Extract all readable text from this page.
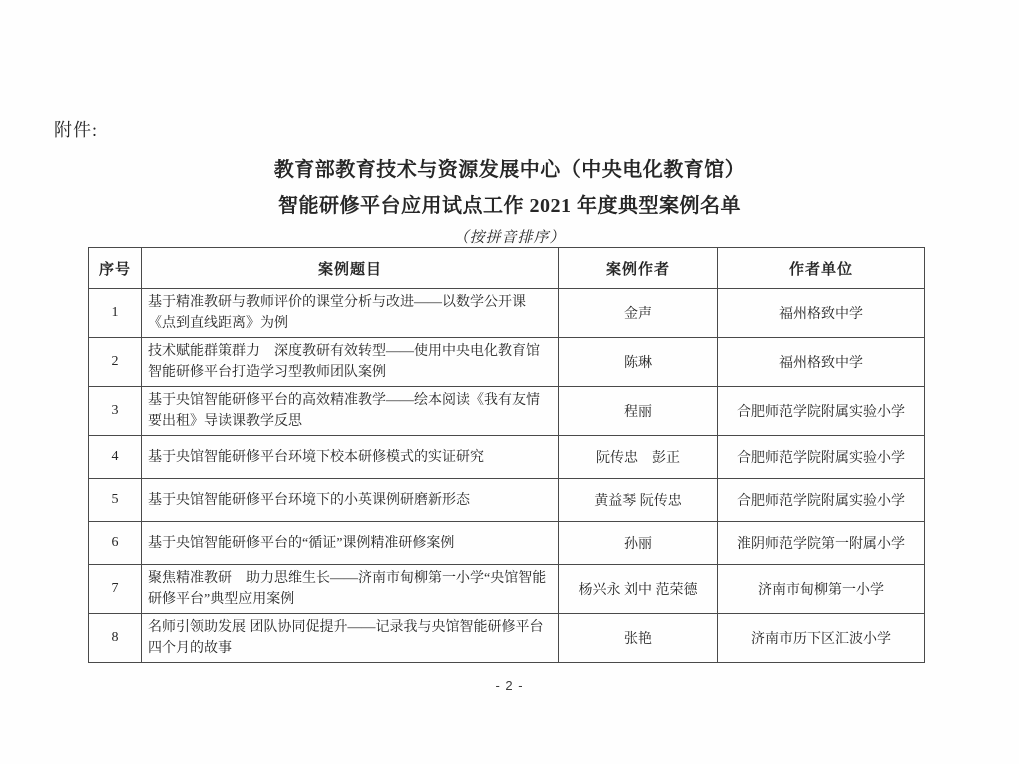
附件:
教育部教育技术与资源发展中心（中央电化教育馆）
智能研修平台应用试点工作 2021 年度典型案例名单
（按拼音排序）
序号	案例题目	案例作者	作者单位
1	基于精准教研与教师评价的课堂分析与改进——以数学公开课《点到直线距离》为例	金声	福州格致中学
2	技术赋能群策群力　深度教研有效转型——使用中央电化教育馆智能研修平台打造学习型教师团队案例	陈琳	福州格致中学
3	基于央馆智能研修平台的高效精准教学——绘本阅读《我有友情要出租》导读课教学反思	程丽	合肥师范学院附属实验小学
4	基于央馆智能研修平台环境下校本研修模式的实证研究	阮传忠　彭正	合肥师范学院附属实验小学
5	基于央馆智能研修平台环境下的小英课例研磨新形态	黄益琴 阮传忠	合肥师范学院附属实验小学
6	基于央馆智能研修平台的“循证”课例精准研修案例	孙丽	淮阴师范学院第一附属小学
7	聚焦精准教研　助力思维生长——济南市甸柳第一小学“央馆智能研修平台”典型应用案例	杨兴永 刘中 范荣德	济南市甸柳第一小学
8	名师引领助发展 团队协同促提升——记录我与央馆智能研修平台四个月的故事	张艳	济南市历下区汇波小学
- 2 -
